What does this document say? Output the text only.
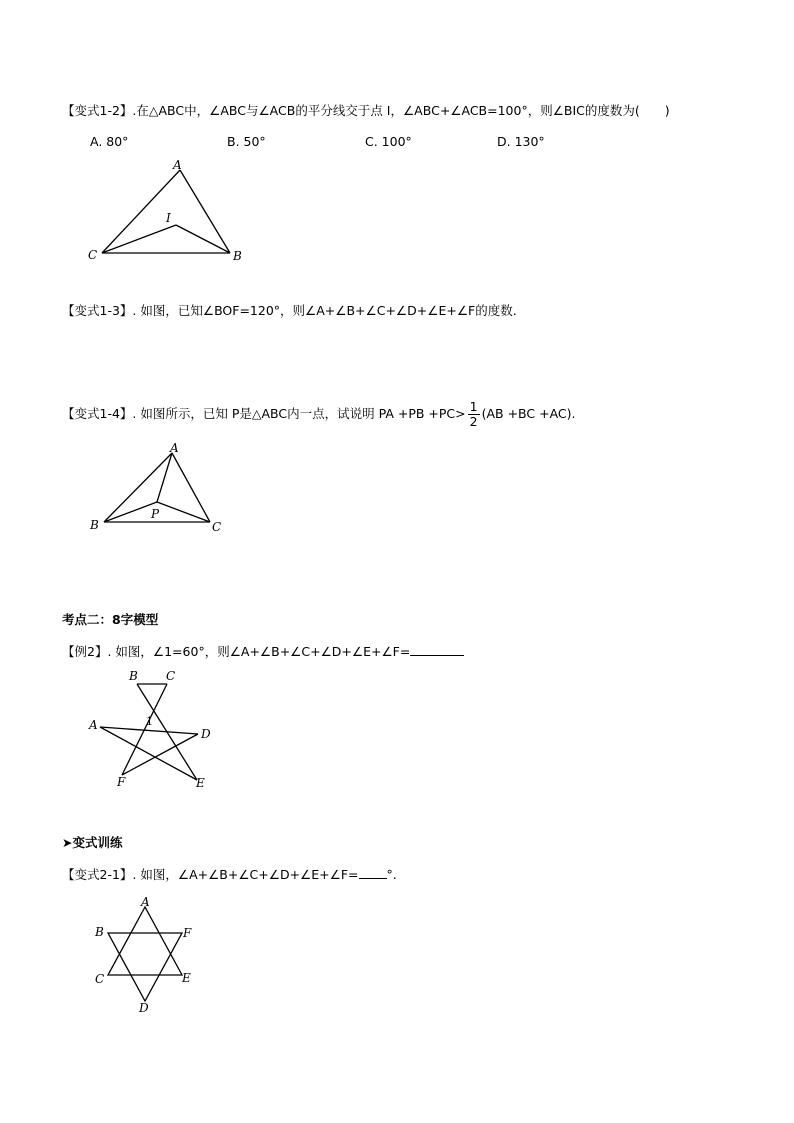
【变式1-2】.在△ABC中，∠ABC与∠ACB的平分线交于点 I，∠ABC+∠ACB=100°，则∠BIC的度数为(　　)
A. 80°	B. 50°	C. 100°	D. 130°
A
I
C	B
【变式1-3】. 如图，已知∠BOF=120°，则∠A+∠B+∠C+∠D+∠E+∠F的度数.
【变式1-4】. 如图所示，已知 P是△ABC内一点，试说明 PA $+PB +PC> \frac{1}{2} (AB +BC +AC)$.
A
B	C
P
考点二：8字模型
【例2】. 如图，∠1=60°，则∠A+∠B+∠C+∠D+∠E+∠F=
B C
A
D
F	E
1
➤变式训练
【变式2-1】. 如图，∠A+∠B+∠C+∠D+∠E+∠F= °.
A
B	F
C	E
D
